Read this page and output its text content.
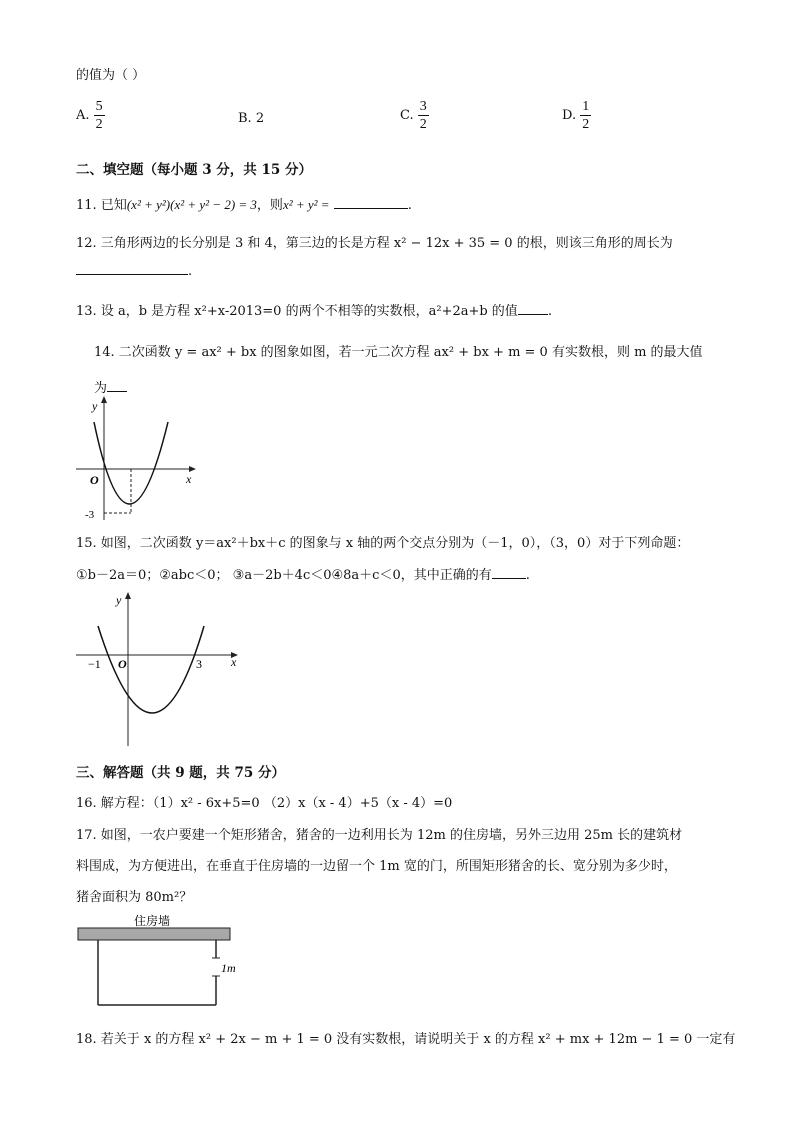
的值为（ ）
A. $\frac{5}{2}$	B. 2	C. $\frac{3}{2}$	D. $\frac{1}{2}$
二、填空题（每小题 3 分，共 15 分）
11. 已知(x² + y²)(x² + y² − 2) = 3，则x² + y² =	.
12. 三角形两边的长分别是 3 和 4，第三边的长是方程 x² − 12x + 35 = 0 的根，则该三角形的周长为
.
13. 设 a，b 是方程 x²+x-2013=0 的两个不相等的实数根，a²+2a+b 的值 .
14. 二次函数 y = ax² + bx 的图象如图，若一元二次方程 ax² + bx + m = 0 有实数根，则 m 的最大值
为
y
x
O
-3
15. 如图，二次函数 y＝ax²＋bx＋c 的图象与 x 轴的两个交点分别为（－1，0），（3，0）对于下列命题：
①b－2a＝0；②abc＜0； ③a－2b＋4c＜0④8a＋c＜0，其中正确的有	.
y
x
O
−1	3
三、解答题（共 9 题，共 75 分）
16. 解方程：（1）x² - 6x+5=0 （2）x（x - 4）+5（x - 4）=0
17. 如图，一农户要建一个矩形猪舍，猪舍的一边利用长为 12m 的住房墙，另外三边用 25m 长的建筑材
料围成，为方便进出，在垂直于住房墙的一边留一个 1m 宽的门，所围矩形猪舍的长、宽分别为多少时，
猪舍面积为 80m²？
住房墙
1m
18. 若关于 x 的方程 x² + 2x − m + 1 = 0 没有实数根，请说明关于 x 的方程 x² + mx + 12m − 1 = 0 一定有
